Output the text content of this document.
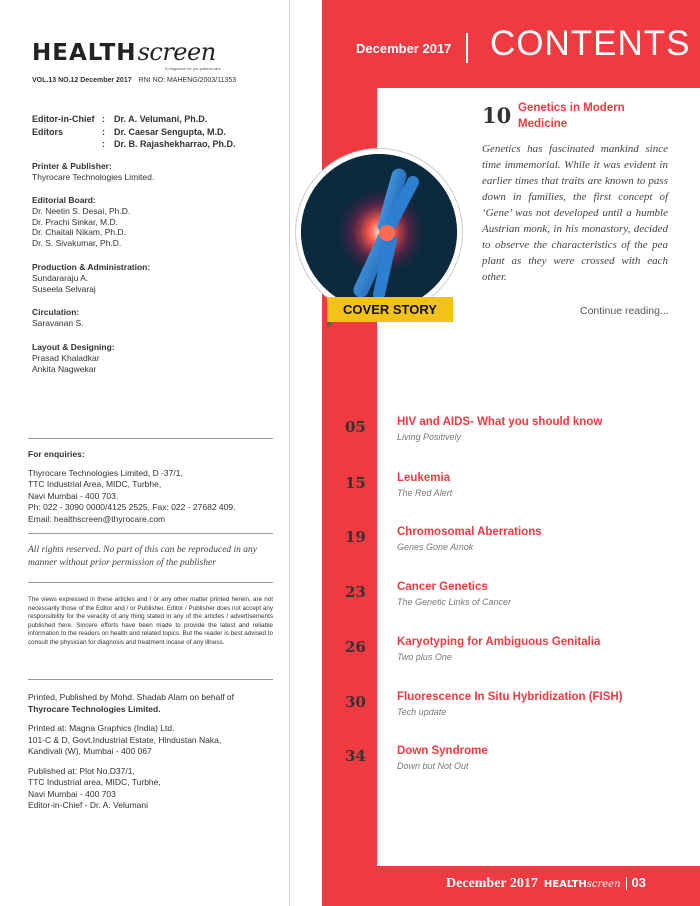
HEALTH screen
A magazine for pre-patient care
VOL.13 NO.12 December 2017 RNI NO: MAHENG/2003/11353
Editor-in-Chief :	Dr. A. Velumani, Ph.D.
Editors	:	Dr. Caesar Sengupta, M.D.
:	Dr. B. Rajashekharrao, Ph.D.
Printer & Publisher:
Thyrocare Technologies Limited.
Editorial Board:
Dr. Neetin S. Desai, Ph.D.
Dr. Prachi Sinkar, M.D.
Dr. Chaitali Nikam, Ph.D.
Dr. S. Sivakumar, Ph.D.
Production & Administration:
Sundararaju A.
Suseela Selvaraj
Circulation:
Saravanan S.
Layout & Designing:
Prasad Khaladkar
Ankita Nagwekar
For enquiries:
Thyrocare Technologies Limited, D -37/1,
TTC Industrial Area, MIDC, Turbhe,
Navi Mumbai - 400 703.
Ph: 022 - 3090 0000/4125 2525, Fax: 022 - 27682 409.
Email: healthscreen@thyrocare.com
All rights reserved. No part of this can be reproduced in any manner without prior permission of the publisher
The views expressed in these articles and / or any other matter printed herein, are not necessarily those of the Editor and / or Publisher. Editor / Publisher does not accept any responsibility for the veracity of any thing stated in any of the articles / advertisements published here. Sincere efforts have been made to provide the latest and reliable information to the readers on health and related topics. But the reader is best advised to consult the physician for diagnosis and treatment incase of any illness.

Printed, Published by Mohd. Shadab Alam on behalf of
Thyrocare Technologies Limited.

Printed at: Magna Graphics (India) Ltd.
101-C & D, Govt.Industrial Estate, Hindustan Naka,
Kandivali (W), Mumbai - 400 067

Published at: Plot No.D37/1,
TTC Industrial area, MIDC, Turbhe,
Navi Mumbai - 400 703
Editor-in-Chief - Dr. A. Velumani

December 2017 CONTENTS
10 Genetics in Modern Medicine
Genetics has fascinated mankind since time immemorial. While it was evident in earlier times that traits are known to pass down in families, the first concept of ‘Gene’ was not developed until a humble Austrian monk, in his monastory, decided to observe the characteristics of the pea plant as they were crossed with each other.
Continue reading...
COVER STORY
05	HIV and AIDS- What you should know
Living Positively
15	Leukemia
The Red Alert
19	Chromosomal Aberrations
Genes Gone Amok
23	Cancer Genetics
The Genetic Links of Cancer
26	Karyotyping for Ambiguous Genitalia
Two plus One
30	Fluorescence In Situ Hybridization (FISH)
Tech update
34	Down Syndrome
Down but Not Out
December 2017 HEALTH screen 03
